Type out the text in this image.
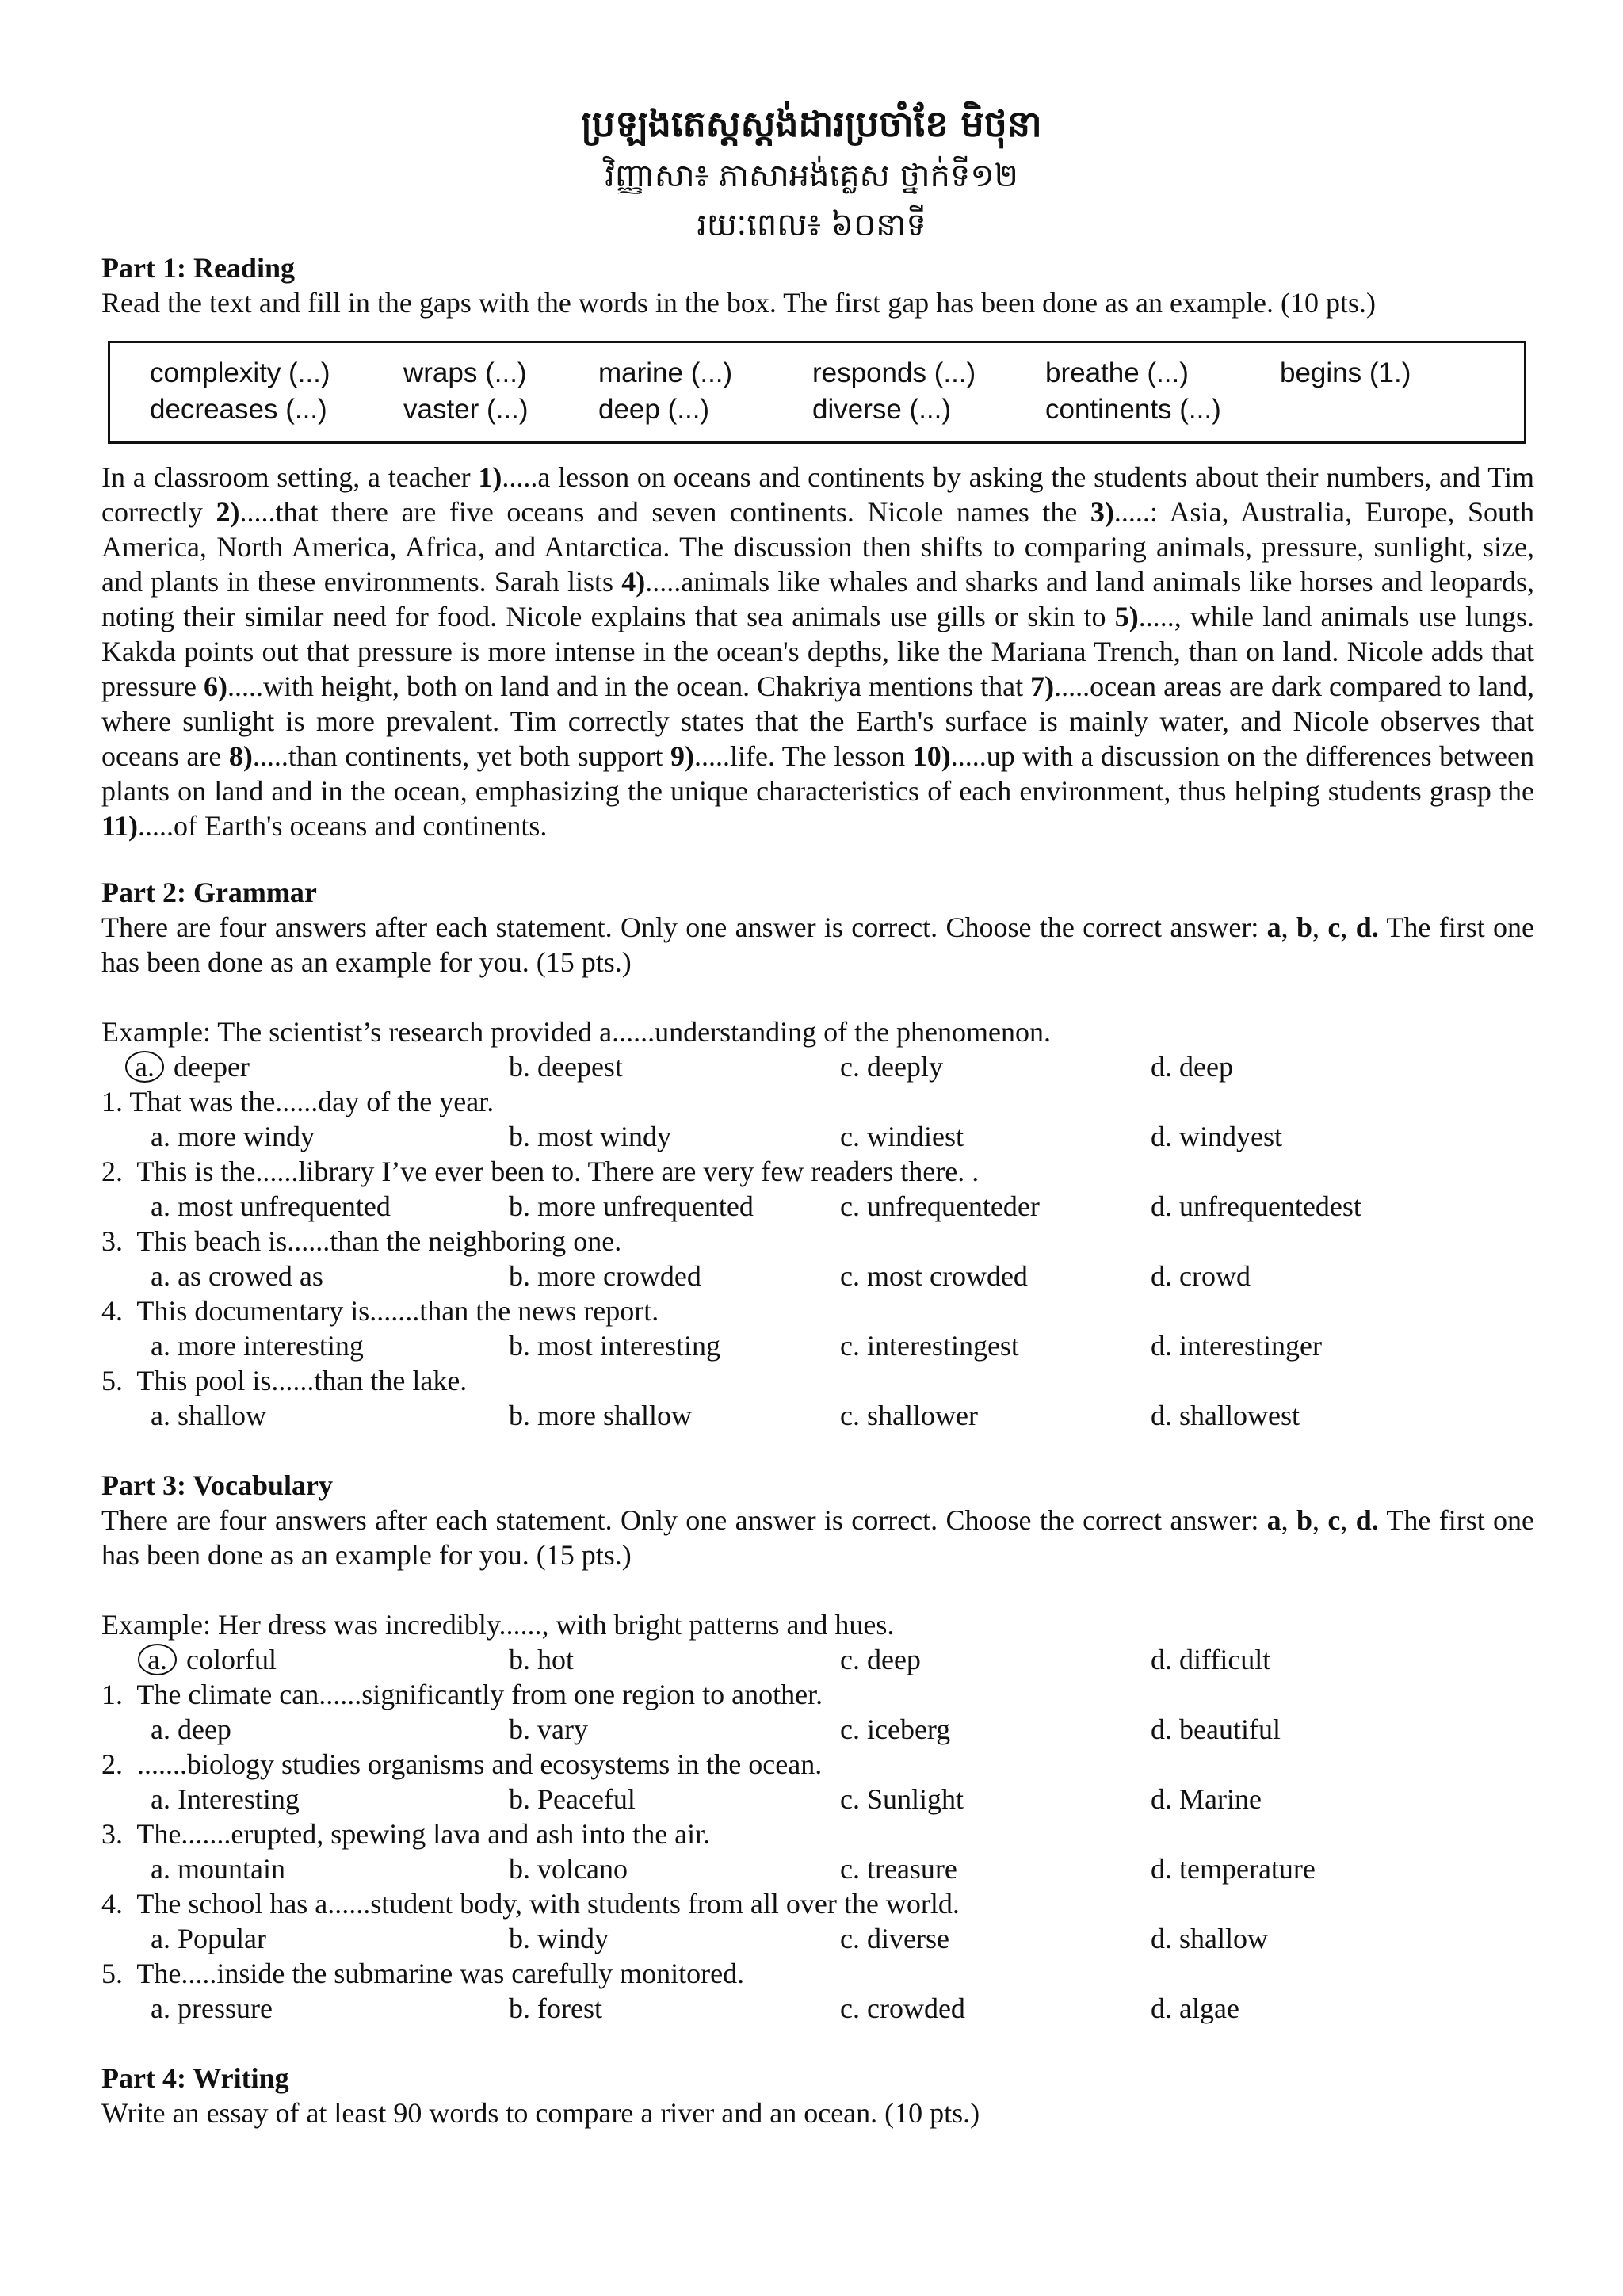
ប្រឡងតេស្តស្តង់ដារប្រចាំខែ មិថុនា
វិញ្ញាសា៖ ភាសាអង់គ្លេស ថ្នាក់ទី១២
រយៈពេល៖ ៦០នាទី
Part 1: Reading
Read the text and fill in the gaps with the words in the box. The first gap has been done as an example. (10 pts.)
complexity (...)	wraps (...)	marine (...)	responds (...)	breathe (...)	begins (1.)
decreases (...)	vaster (...)	deep (...)	diverse (...)	continents (...)
In a classroom setting, a teacher 1).....a lesson on oceans and continents by asking the students about their numbers, and Tim correctly 2).....that there are five oceans and seven continents. Nicole names the 3).....: Asia, Australia, Europe, South America, North America, Africa, and Antarctica. The discussion then shifts to comparing animals, pressure, sunlight, size, and plants in these environments. Sarah lists 4).....animals like whales and sharks and land animals like horses and leopards, noting their similar need for food. Nicole explains that sea animals use gills or skin to 5)....., while land animals use lungs. Kakda points out that pressure is more intense in the ocean's depths, like the Mariana Trench, than on land. Nicole adds that pressure 6).....with height, both on land and in the ocean. Chakriya mentions that 7).....ocean areas are dark compared to land, where sunlight is more prevalent. Tim correctly states that the Earth's surface is mainly water, and Nicole observes that oceans are 8).....than continents, yet both support 9).....life. The lesson 10).....up with a discussion on the differences between plants on land and in the ocean, emphasizing the unique characteristics of each environment, thus helping students grasp the 11).....of Earth's oceans and continents.
Part 2: Grammar
There are four answers after each statement. Only one answer is correct. Choose the correct answer: a, b, c, d. The first one has been done as an example for you. (15 pts.)
Example: The scientist’s research provided a......understanding of the phenomenon.
a. deeper	b. deepest	c. deeply	d. deep
1. That was the......day of the year.
a. more windy	b. most windy	c. windiest	d. windyest
2. This is the......library I’ve ever been to. There are very few readers there. .
a. most unfrequented	b. more unfrequented	c. unfrequenteder	d. unfrequentedest
3. This beach is......than the neighboring one.
a. as crowed as	b. more crowded	c. most crowded	d. crowd
4. This documentary is.......than the news report.
a. more interesting	b. most interesting	c. interestingest	d. interestinger
5. This pool is......than the lake.
a. shallow	b. more shallow	c. shallower	d. shallowest
Part 3: Vocabulary
There are four answers after each statement. Only one answer is correct. Choose the correct answer: a, b, c, d. The first one has been done as an example for you. (15 pts.)
Example: Her dress was incredibly......, with bright patterns and hues.
a. colorful	b. hot	c. deep	d. difficult
1. The climate can......significantly from one region to another.
a. deep	b. vary	c. iceberg	d. beautiful
2. .......biology studies organisms and ecosystems in the ocean.
a. Interesting	b. Peaceful	c. Sunlight	d. Marine
3. The.......erupted, spewing lava and ash into the air.
a. mountain	b. volcano	c. treasure	d. temperature
4. The school has a......student body, with students from all over the world.
a. Popular	b. windy	c. diverse	d. shallow
5. The.....inside the submarine was carefully monitored.
a. pressure	b. forest	c. crowded	d. algae
Part 4: Writing
Write an essay of at least 90 words to compare a river and an ocean. (10 pts.)
